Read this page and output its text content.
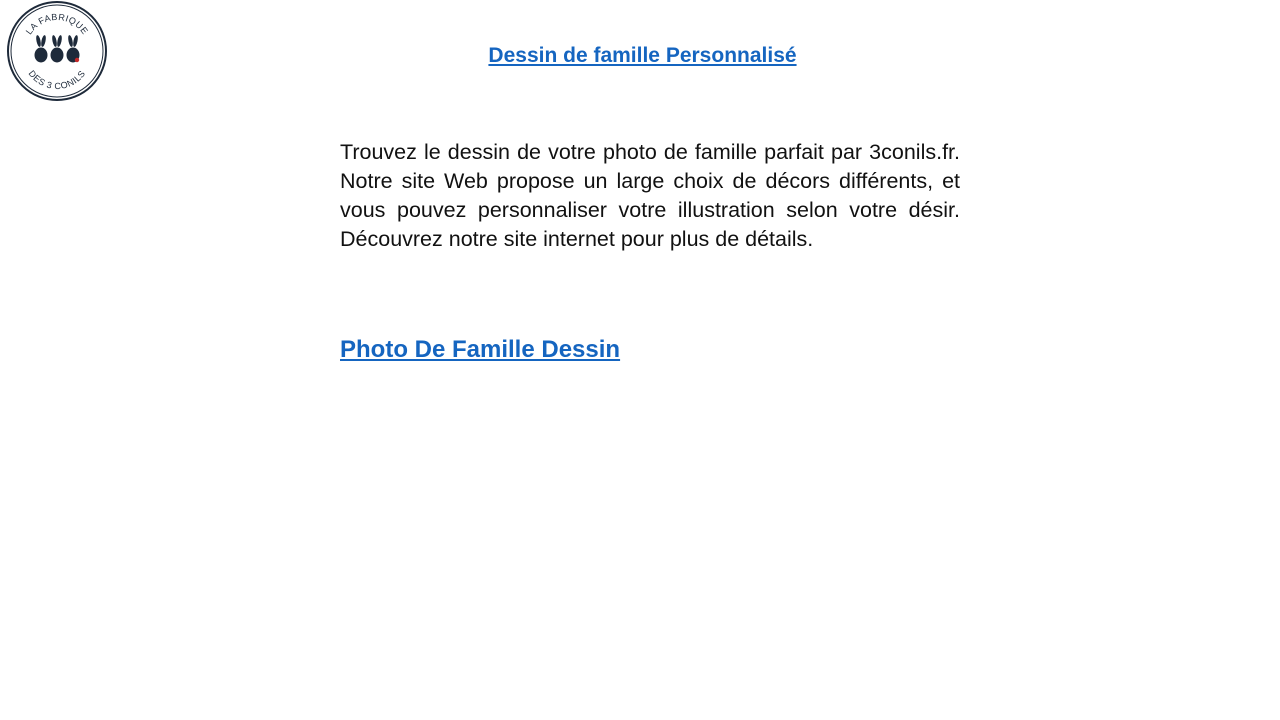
LA FABRIQUE
DES 3 CONILS
Dessin de famille Personnalisé

Trouvez le dessin de votre photo de famille parfait par 3conils.fr. Notre site Web propose un large choix de décors différents, et vous pouvez personnaliser votre illustration selon votre désir. Découvrez notre site internet pour plus de détails.

Photo De Famille Dessin
